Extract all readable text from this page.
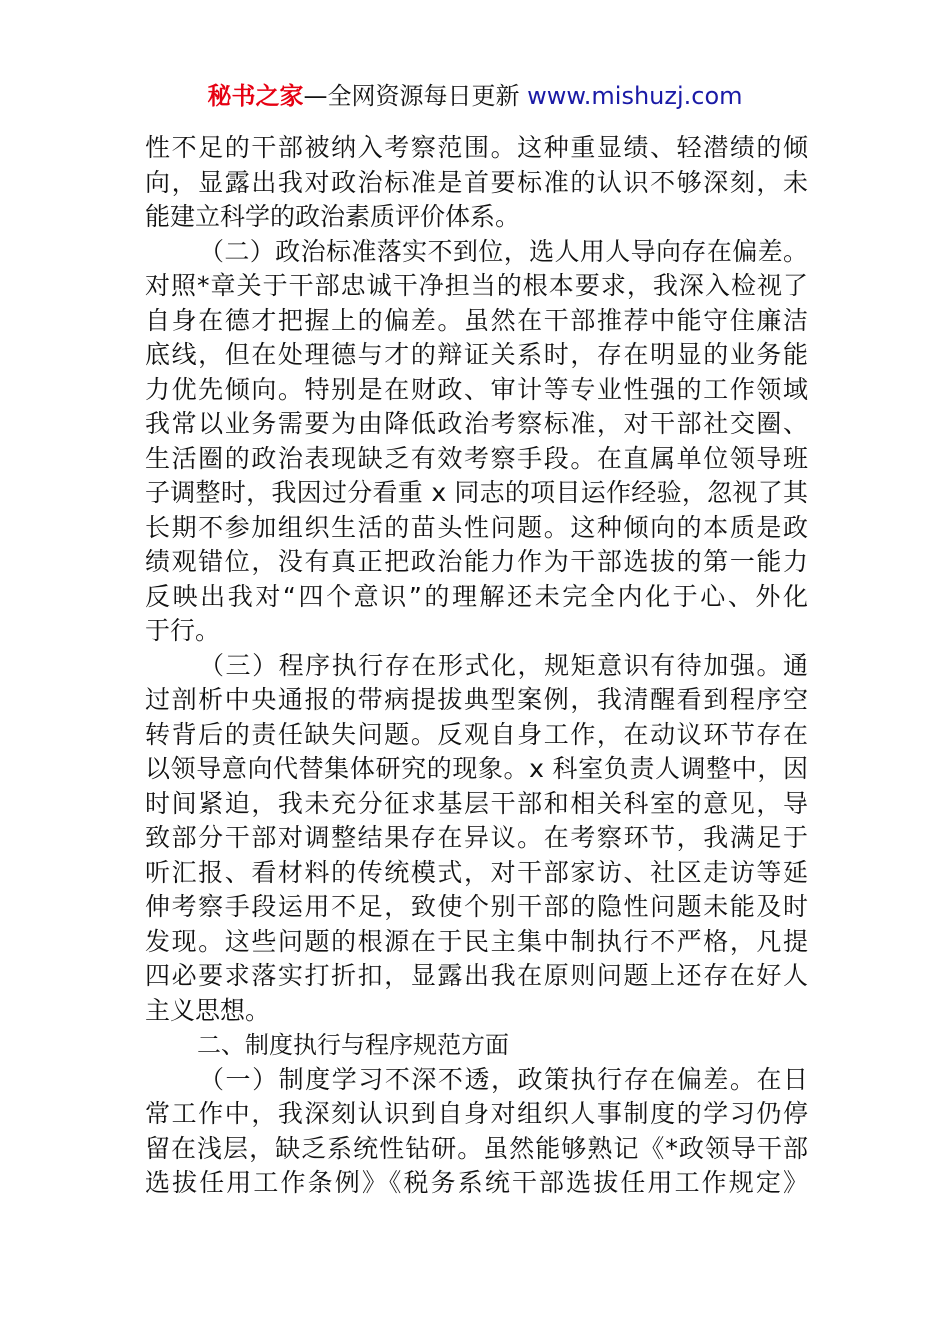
秘书之家—全网资源每日更新 www.mishuzj.com
性不足的干部被纳入考察范围。这种重显绩、轻潜绩的倾
向，显露出我对政治标准是首要标准的认识不够深刻，未
能建立科学的政治素质评价体系。
（二）政治标准落实不到位，选人用人导向存在偏差。
对照*章关于干部忠诚干净担当的根本要求，我深入检视了
自身在德才把握上的偏差。虽然在干部推荐中能守住廉洁
底线，但在处理德与才的辩证关系时，存在明显的业务能
力优先倾向。特别是在财政、审计等专业性强的工作领域
我常以业务需要为由降低政治考察标准，对干部社交圈、
生活圈的政治表现缺乏有效考察手段。在直属单位领导班
子调整时，我因过分看重 x 同志的项目运作经验，忽视了其
长期不参加组织生活的苗头性问题。这种倾向的本质是政
绩观错位，没有真正把政治能力作为干部选拔的第一能力
反映出我对“四个意识”的理解还未完全内化于心、外化
于行。
（三）程序执行存在形式化，规矩意识有待加强。通
过剖析中央通报的带病提拔典型案例，我清醒看到程序空
转背后的责任缺失问题。反观自身工作，在动议环节存在
以领导意向代替集体研究的现象。x 科室负责人调整中，因
时间紧迫，我未充分征求基层干部和相关科室的意见，导
致部分干部对调整结果存在异议。在考察环节，我满足于
听汇报、看材料的传统模式，对干部家访、社区走访等延
伸考察手段运用不足，致使个别干部的隐性问题未能及时
发现。这些问题的根源在于民主集中制执行不严格，凡提
四必要求落实打折扣，显露出我在原则问题上还存在好人
主义思想。
二、制度执行与程序规范方面
（一）制度学习不深不透，政策执行存在偏差。在日
常工作中，我深刻认识到自身对组织人事制度的学习仍停
留在浅层，缺乏系统性钻研。虽然能够熟记《*政领导干部
选拔任用工作条例》《税务系统干部选拔任用工作规定》
